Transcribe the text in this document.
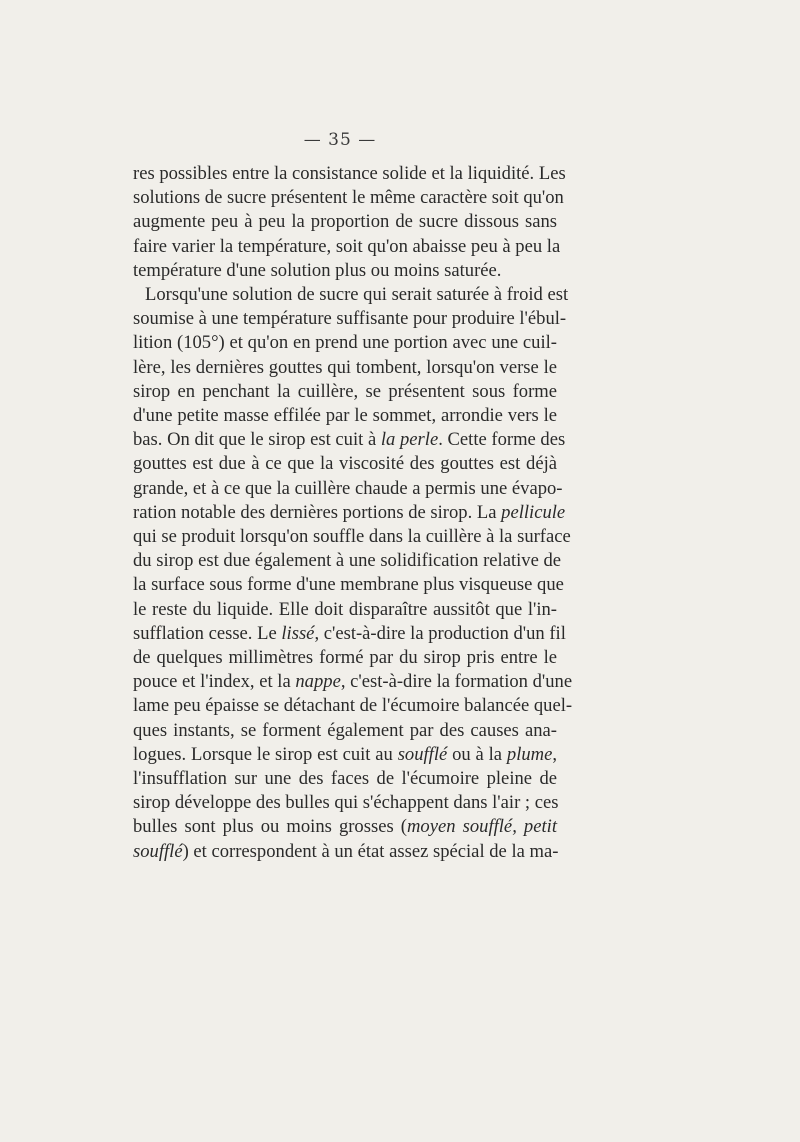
— 35 —
res possibles entre la consistance solide et la liquidité. Les
solutions de sucre présentent le même caractère soit qu'on
augmente peu à peu la proportion de sucre dissous sans
faire varier la température, soit qu'on abaisse peu à peu la
température d'une solution plus ou moins saturée.
Lorsqu'une solution de sucre qui serait saturée à froid est
soumise à une température suffisante pour produire l'ébul-
lition (105°) et qu'on en prend une portion avec une cuil-
lère, les dernières gouttes qui tombent, lorsqu'on verse le
sirop en penchant la cuillère, se présentent sous forme
d'une petite masse effilée par le sommet, arrondie vers le
bas. On dit que le sirop est cuit à la perle. Cette forme des
gouttes est due à ce que la viscosité des gouttes est déjà
grande, et à ce que la cuillère chaude a permis une évapo-
ration notable des dernières portions de sirop. La pellicule
qui se produit lorsqu'on souffle dans la cuillère à la surface
du sirop est due également à une solidification relative de
la surface sous forme d'une membrane plus visqueuse que
le reste du liquide. Elle doit disparaître aussitôt que l'in-
sufflation cesse. Le lissé, c'est-à-dire la production d'un fil
de quelques millimètres formé par du sirop pris entre le
pouce et l'index, et la nappe, c'est-à-dire la formation d'une
lame peu épaisse se détachant de l'écumoire balancée quel-
ques instants, se forment également par des causes ana-
logues. Lorsque le sirop est cuit au soufflé ou à la plume,
l'insufflation sur une des faces de l'écumoire pleine de
sirop développe des bulles qui s'échappent dans l'air ; ces
bulles sont plus ou moins grosses (moyen soufflé, petit
soufflé) et correspondent à un état assez spécial de la ma-
